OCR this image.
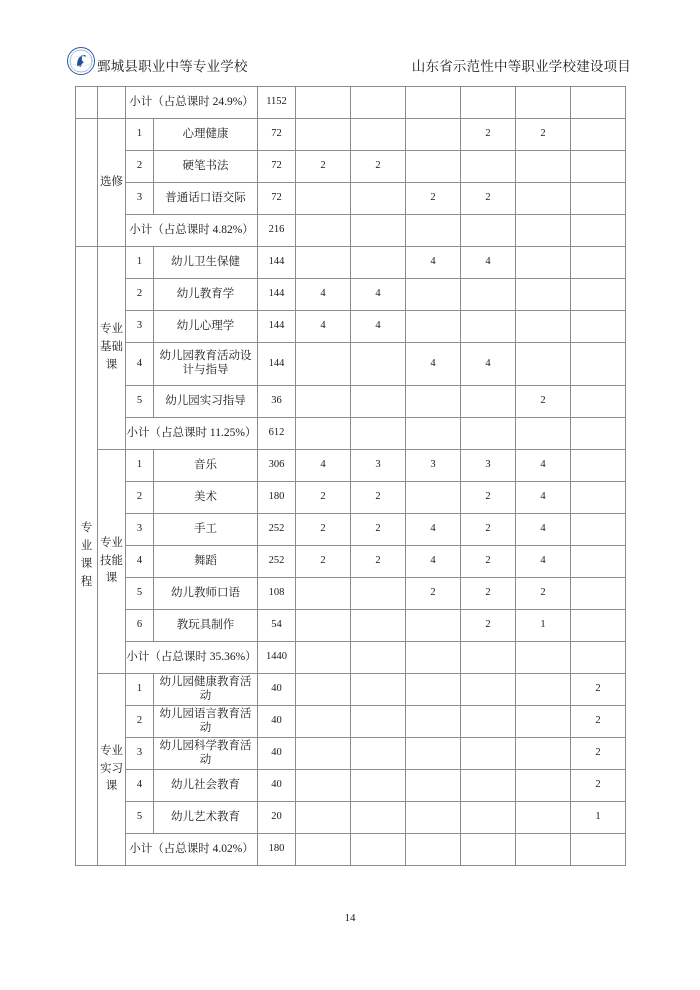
鄄城县职业中等专业学校	山东省示范性中等职业学校建设项目
		小计（占总课时 24.9%）		1152						

	选修	1	心理健康	72				2	2	
		2	硬笔书法	72	2	2				
		3	普通话口语交际	72			2	2		
		小计（占总课时 4.82%）		216						

专业课程	专业基础课	1	幼儿卫生保健	144			4	4		
		2	幼儿教育学	144	4	4				
		3	幼儿心理学	144	4	4				
		4	幼儿园教育活动设计与指导	144			4	4		
		5	幼儿园实习指导	36					2	
		小计（占总课时 11.25%）		612						

	专业技能课	1	音乐	306	4	3	3	3	4	
		2	美术	180	2	2		2	4	
		3	手工	252	2	2	4	2	4	
		4	舞蹈	252	2	2	4	2	4	
		5	幼儿教师口语	108			2	2	2	
		6	教玩具制作	54				2	1	
		小计（占总课时 35.36%）		1440						

	专业实习课	1	幼儿园健康教育活动	40						2
		2	幼儿园语言教育活动	40						2
		3	幼儿园科学教育活动	40						2
		4	幼儿社会教育	40						2
		5	幼儿艺术教育	20						1
		小计（占总课时 4.02%）		180						
14
